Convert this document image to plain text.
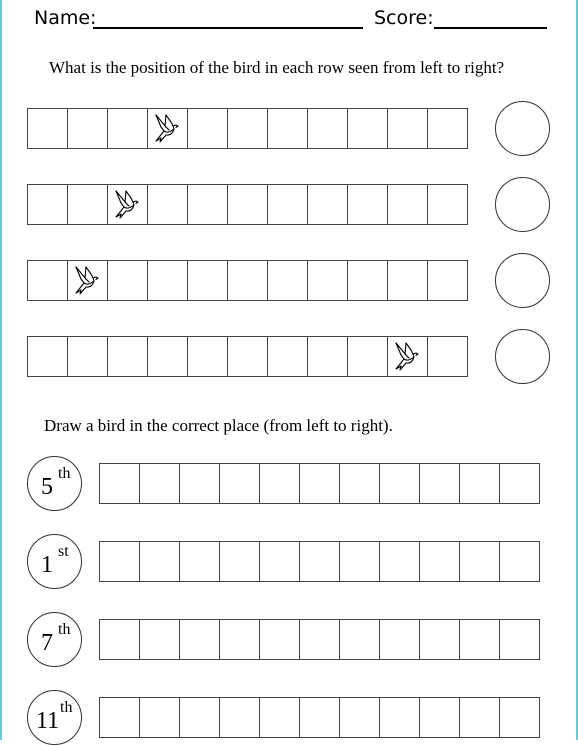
Name:	Score:
What is the position of the bird in each row seen from left to right?
Draw a bird in the correct place (from left to right).
5
th
1
st
7
th
11
th
